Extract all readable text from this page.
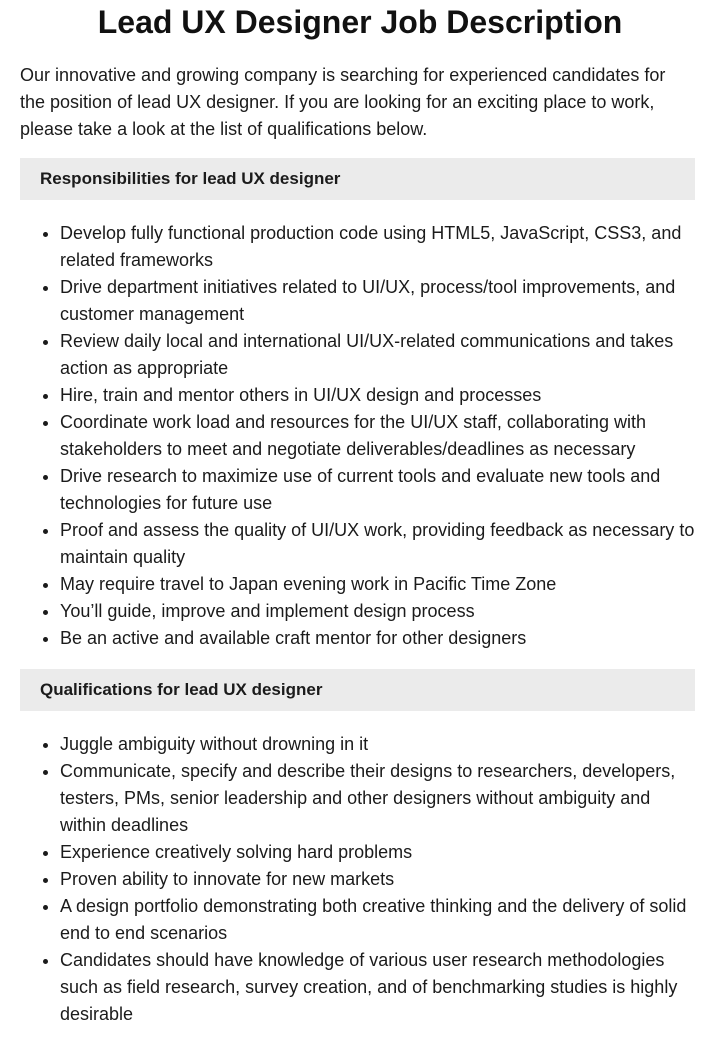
Lead UX Designer Job Description

Our innovative and growing company is searching for experienced candidates for the position of lead UX designer. If you are looking for an exciting place to work, please take a look at the list of qualifications below.

Responsibilities for lead UX designer
• Develop fully functional production code using HTML5, JavaScript, CSS3, and related frameworks
• Drive department initiatives related to UI/UX, process/tool improvements, and customer management
• Review daily local and international UI/UX-related communications and takes action as appropriate
• Hire, train and mentor others in UI/UX design and processes
• Coordinate work load and resources for the UI/UX staff, collaborating with stakeholders to meet and negotiate deliverables/deadlines as necessary
• Drive research to maximize use of current tools and evaluate new tools and technologies for future use
• Proof and assess the quality of UI/UX work, providing feedback as necessary to maintain quality
• May require travel to Japan evening work in Pacific Time Zone
• You’ll guide, improve and implement design process
• Be an active and available craft mentor for other designers
Qualifications for lead UX designer
• Juggle ambiguity without drowning in it
• Communicate, specify and describe their designs to researchers, developers, testers, PMs, senior leadership and other designers without ambiguity and within deadlines
• Experience creatively solving hard problems
• Proven ability to innovate for new markets
• A design portfolio demonstrating both creative thinking and the delivery of solid end to end scenarios
• Candidates should have knowledge of various user research methodologies such as field research, survey creation, and of benchmarking studies is highly desirable
